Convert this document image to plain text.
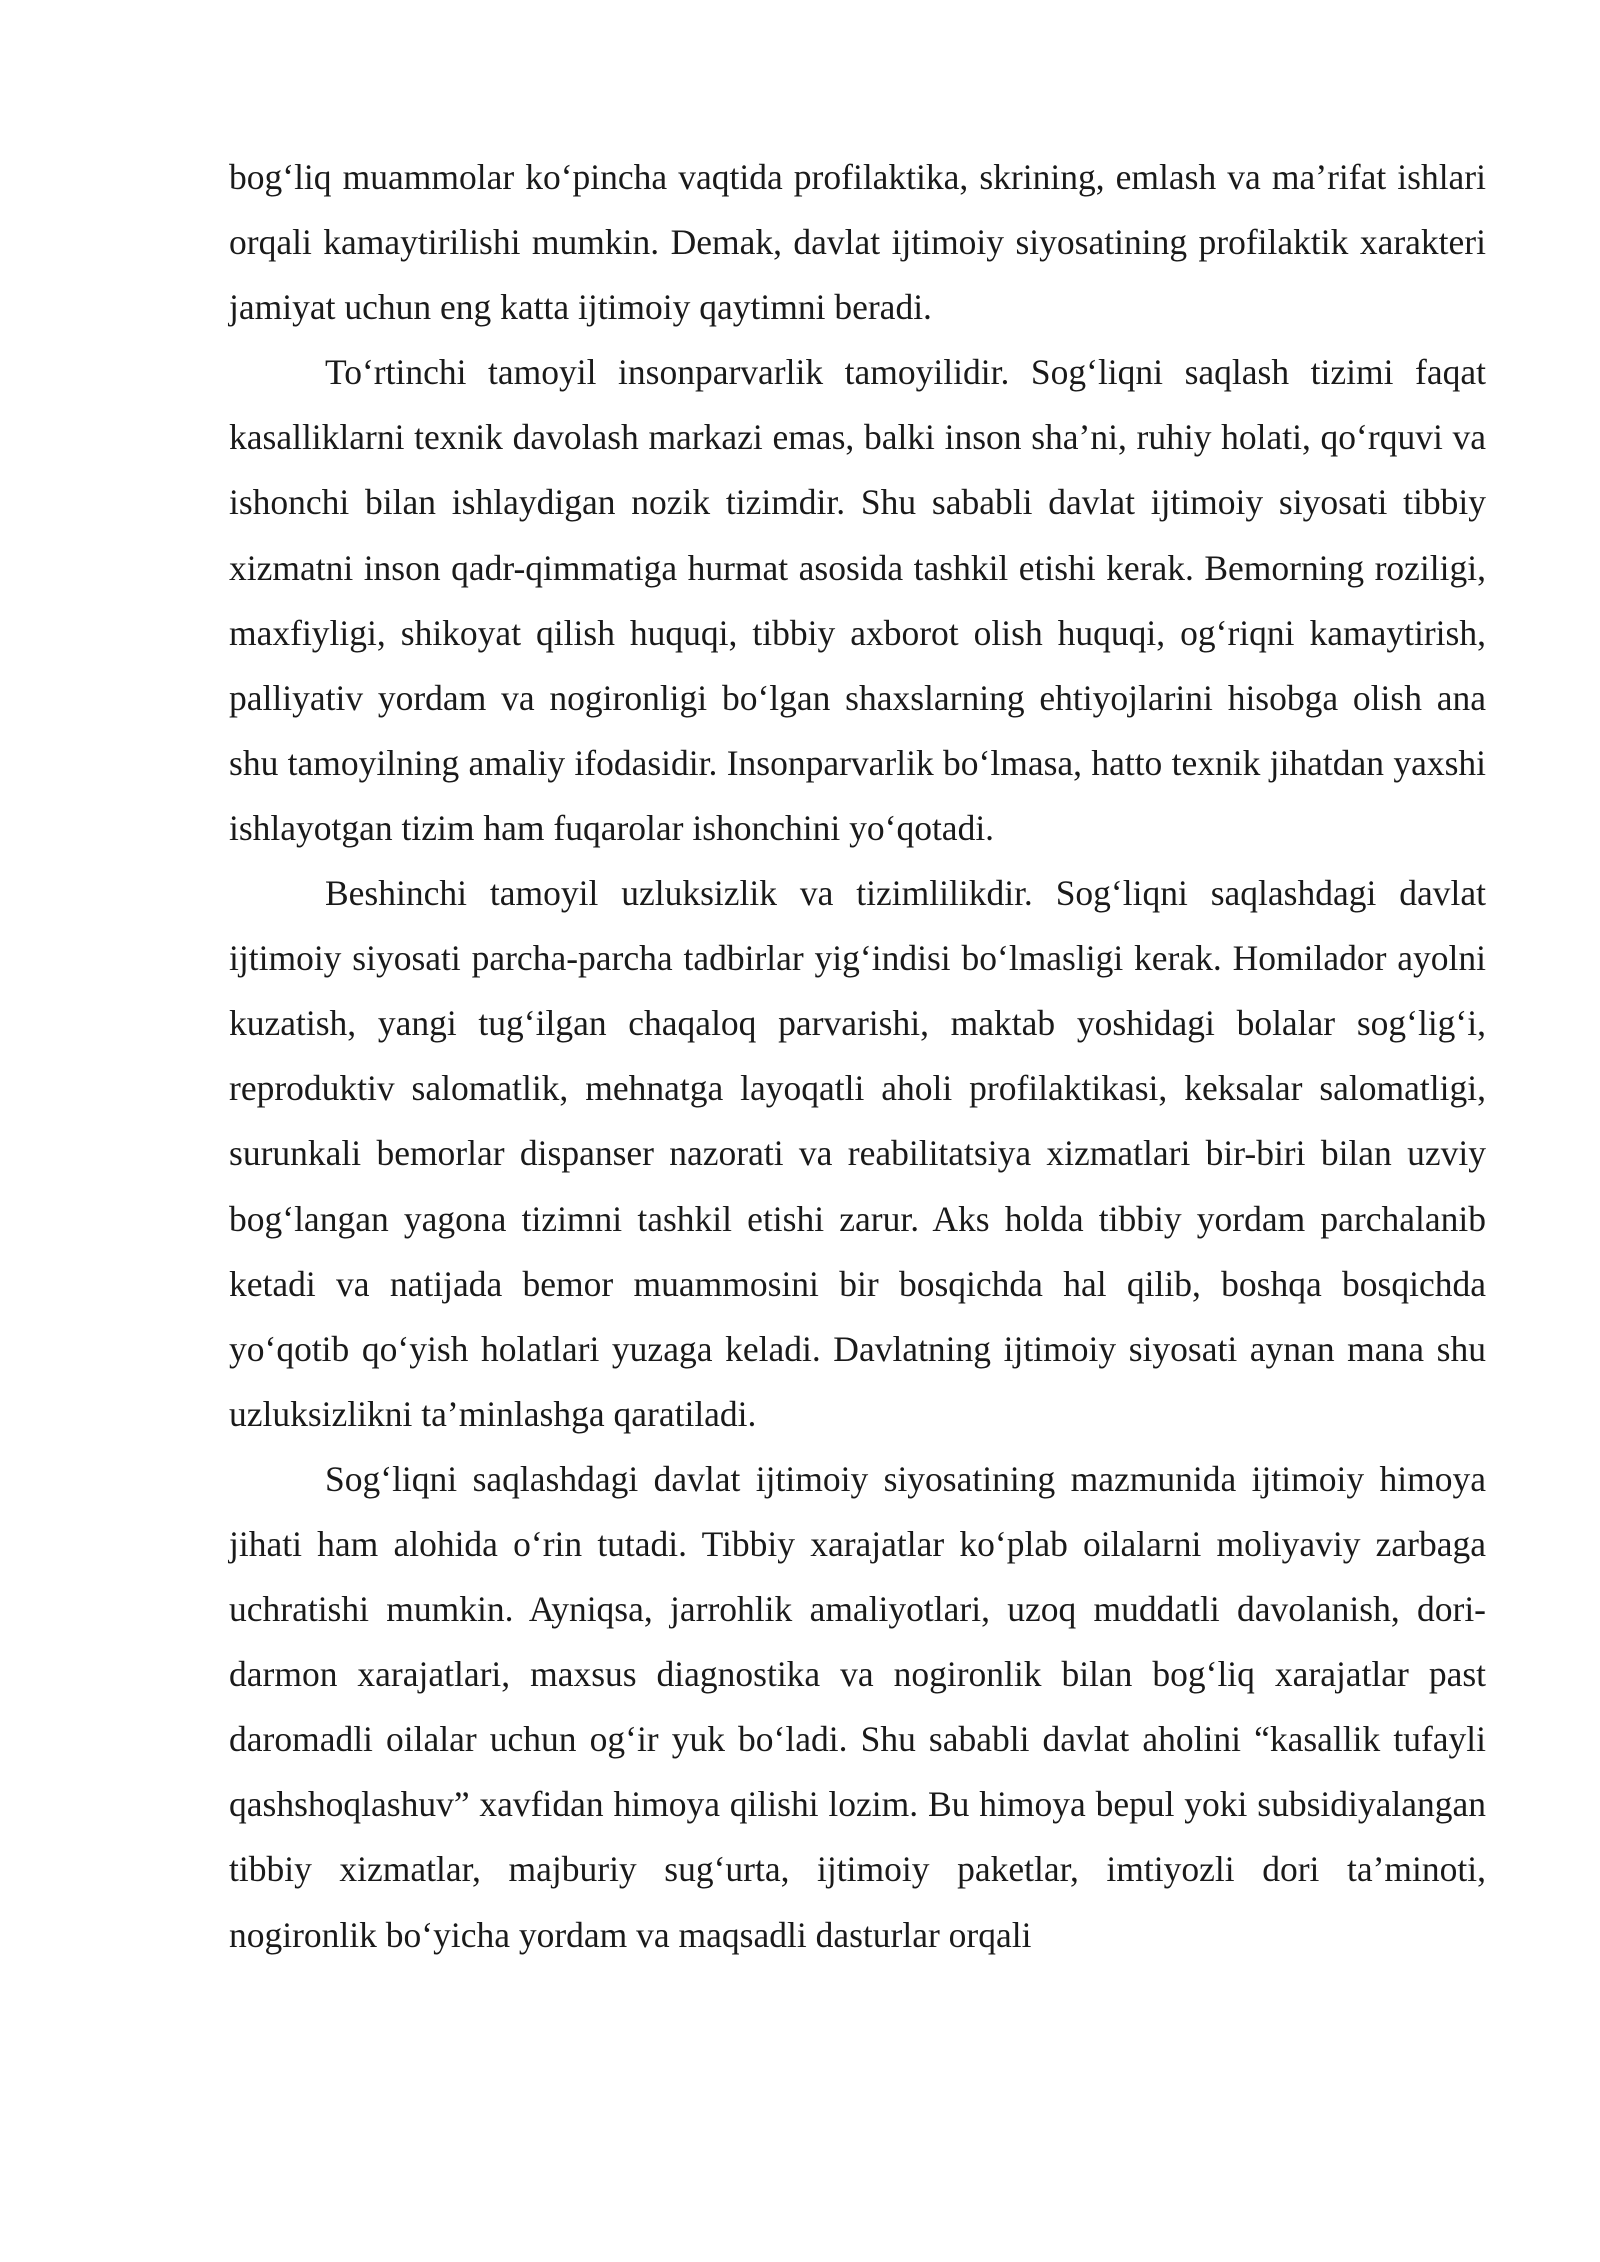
bog‘liq muammolar ko‘pincha vaqtida profilaktika, skrining, emlash va ma’rifat ishlari orqali kamaytirilishi mumkin. Demak, davlat ijtimoiy siyosatining profilaktik xarakteri jamiyat uchun eng katta ijtimoiy qaytimni beradi.

To‘rtinchi tamoyil insonparvarlik tamoyilidir. Sog‘liqni saqlash tizimi faqat kasalliklarni texnik davolash markazi emas, balki inson sha’ni, ruhiy holati, qo‘rquvi va ishonchi bilan ishlaydigan nozik tizimdir. Shu sababli davlat ijtimoiy siyosati tibbiy xizmatni inson qadr-qimmatiga hurmat asosida tashkil etishi kerak. Bemorning roziligi, maxfiyligi, shikoyat qilish huquqi, tibbiy axborot olish huquqi, og‘riqni kamaytirish, palliyativ yordam va nogironligi bo‘lgan shaxslarning ehtiyojlarini hisobga olish ana shu tamoyilning amaliy ifodasidir. Insonparvarlik bo‘lmasa, hatto texnik jihatdan yaxshi ishlayotgan tizim ham fuqarolar ishonchini yo‘qotadi.

Beshinchi tamoyil uzluksizlik va tizimlilikdir. Sog‘liqni saqlashdagi davlat ijtimoiy siyosati parcha-parcha tadbirlar yig‘indisi bo‘lmasligi kerak. Homilador ayolni kuzatish, yangi tug‘ilgan chaqaloq parvarishi, maktab yoshidagi bolalar sog‘lig‘i, reproduktiv salomatlik, mehnatga layoqatli aholi profilaktikasi, keksalar salomatligi, surunkali bemorlar dispanser nazorati va reabilitatsiya xizmatlari bir-biri bilan uzviy bog‘langan yagona tizimni tashkil etishi zarur. Aks holda tibbiy yordam parchalanib ketadi va natijada bemor muammosini bir bosqichda hal qilib, boshqa bosqichda yo‘qotib qo‘yish holatlari yuzaga keladi. Davlatning ijtimoiy siyosati aynan mana shu uzluksizlikni ta’minlashga qaratiladi.

Sog‘liqni saqlashdagi davlat ijtimoiy siyosatining mazmunida ijtimoiy himoya jihati ham alohida o‘rin tutadi. Tibbiy xarajatlar ko‘plab oilalarni moliyaviy zarbaga uchratishi mumkin. Ayniqsa, jarrohlik amaliyotlari, uzoq muddatli davolanish, dori-darmon xarajatlari, maxsus diagnostika va nogironlik bilan bog‘liq xarajatlar past daromadli oilalar uchun og‘ir yuk bo‘ladi. Shu sababli davlat aholini “kasallik tufayli qashshoqlashuv” xavfidan himoya qilishi lozim. Bu himoya bepul yoki subsidiyalangan tibbiy xizmatlar, majburiy sug‘urta, ijtimoiy paketlar, imtiyozli dori ta’minoti, nogironlik bo‘yicha yordam va maqsadli dasturlar orqali
